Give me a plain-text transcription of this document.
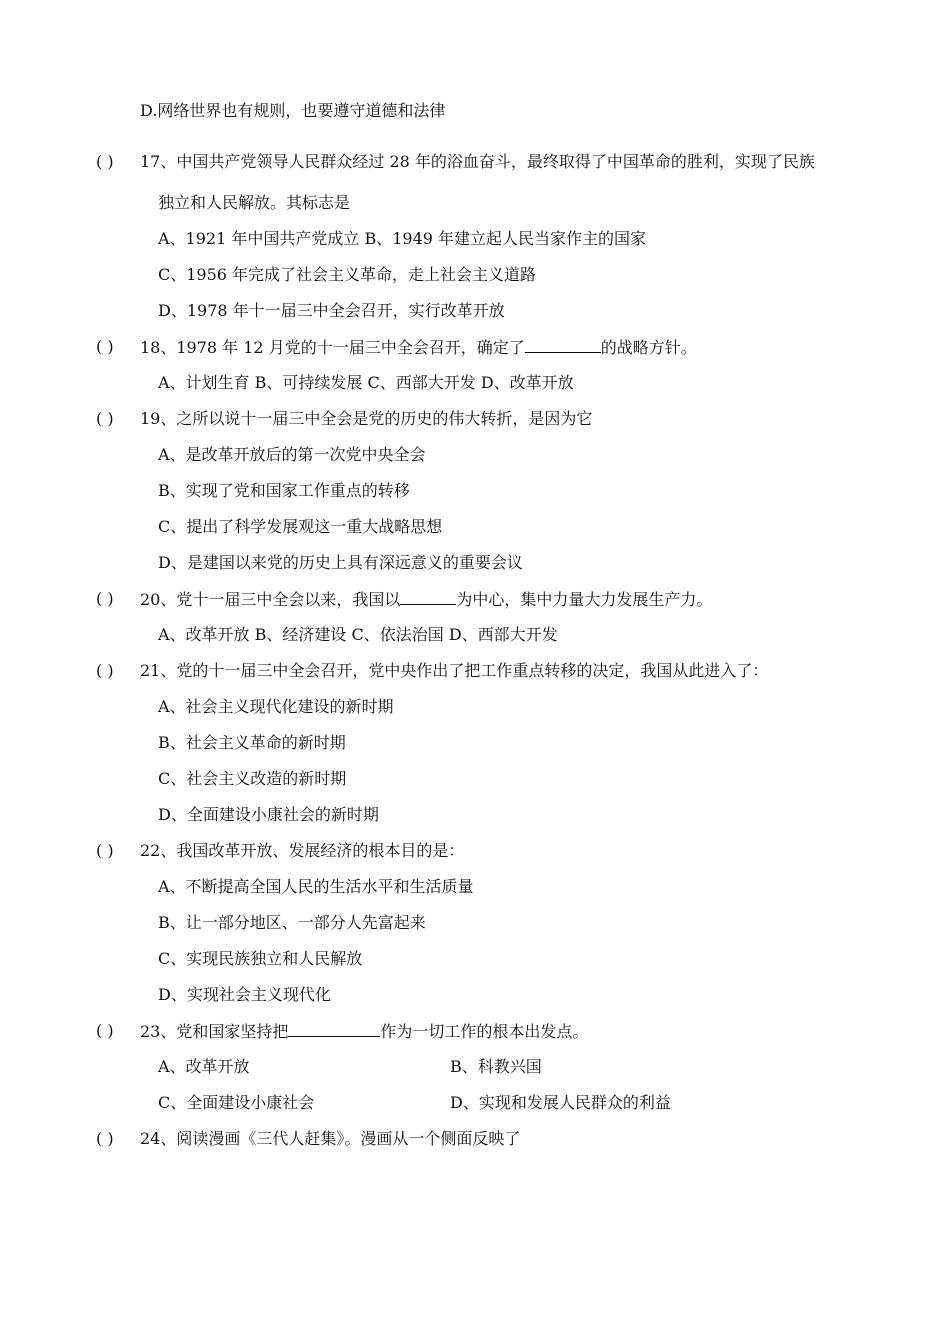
D.网络世界也有规则，也要遵守道德和法律
( ) 17、中国共产党领导人民群众经过 28 年的浴血奋斗，最终取得了中国革命的胜利，实现了民族
独立和人民解放。其标志是
A、1921 年中国共产党成立 B、1949 年建立起人民当家作主的国家
C、1956 年完成了社会主义革命，走上社会主义道路
D、1978 年十一届三中全会召开，实行改革开放
( ) 18、1978 年 12 月党的十一届三中全会召开，确定了	的战略方针。
A、计划生育 B、可持续发展 C、西部大开发 D、改革开放
( ) 19、之所以说十一届三中全会是党的历史的伟大转折，是因为它
A、是改革开放后的第一次党中央全会
B、实现了党和国家工作重点的转移
C、提出了科学发展观这一重大战略思想
D、是建国以来党的历史上具有深远意义的重要会议
( ) 20、党十一届三中全会以来，我国以	为中心，集中力量大力发展生产力。
A、改革开放 B、经济建设 C、依法治国 D、西部大开发
( ) 21、党的十一届三中全会召开，党中央作出了把工作重点转移的决定，我国从此进入了：
A、社会主义现代化建设的新时期
B、社会主义革命的新时期
C、社会主义改造的新时期
D、全面建设小康社会的新时期
( ) 22、我国改革开放、发展经济的根本目的是：
A、不断提高全国人民的生活水平和生活质量
B、让一部分地区、一部分人先富起来
C、实现民族独立和人民解放
D、实现社会主义现代化
( ) 23、党和国家坚持把	作为一切工作的根本出发点。
A、改革开放	B、科教兴国
C、全面建设小康社会	D、实现和发展人民群众的利益
( ) 24、阅读漫画《三代人赶集》。漫画从一个侧面反映了
